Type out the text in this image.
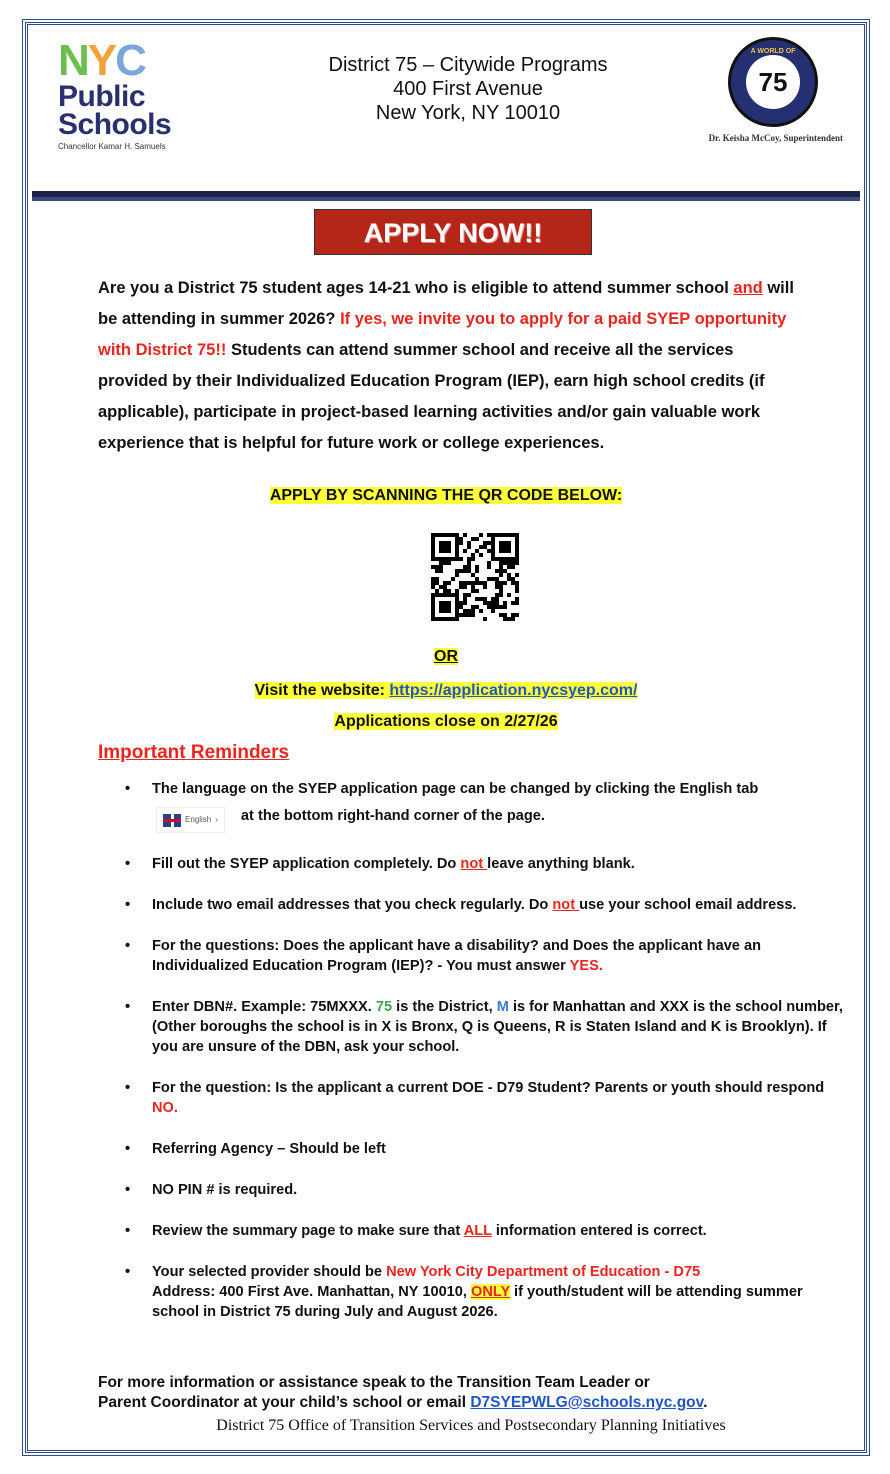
NYC
Public
Schools
Chancellor Kamar H. Samuels
District 75 – Citywide Programs
400 First Avenue
New York, NY 10010
A WORLD OF
75
Dr. Keisha McCoy, Superintendent
APPLY NOW!!

Are you a District 75 student ages 14-21 who is eligible to attend summer school and will be attending in summer 2026? If yes, we invite you to apply for a paid SYEP opportunity with District 75!! Students can attend summer school and receive all the services provided by their Individualized Education Program (IEP), earn high school credits (if applicable), participate in project-based learning activities and/or gain valuable work experience that is helpful for future work or college experiences.

APPLY BY SCANNING THE QR CODE BELOW:
OR
Visit the website: https://application.nycsyep.com/
Applications close on 2/27/26
Important Reminders
• The language on the SYEP application page can be changed by clicking the English tab

English › at the bottom right-hand corner of the page.
• Fill out the SYEP application completely. Do not leave anything blank.
• Include two email addresses that you check regularly. Do not use your school email address.
• For the questions: Does the applicant have a disability? and Does the applicant have an Individualized Education Program (IEP)? - You must answer YES.
• Enter DBN#. Example: 75MXXX. 75 is the District, M is for Manhattan and XXX is the school number, (Other boroughs the school is in X is Bronx, Q is Queens, R is Staten Island and K is Brooklyn). If you are unsure of the DBN, ask your school.
• For the question: Is the applicant a current DOE - D79 Student? Parents or youth should respond NO.
• Referring Agency – Should be left
• NO PIN # is required.
• Review the summary page to make sure that ALL information entered is correct.
• Your selected provider should be New York City Department of Education - D75
Address: 400 First Ave. Manhattan, NY 10010, ONLY if youth/student will be attending summer school in District 75 during July and August 2026.
For more information or assistance speak to the Transition Team Leader or
Parent Coordinator at your child’s school or email D7SYEPWLG@schools.nyc.gov.
District 75 Office of Transition Services and Postsecondary Planning Initiatives
